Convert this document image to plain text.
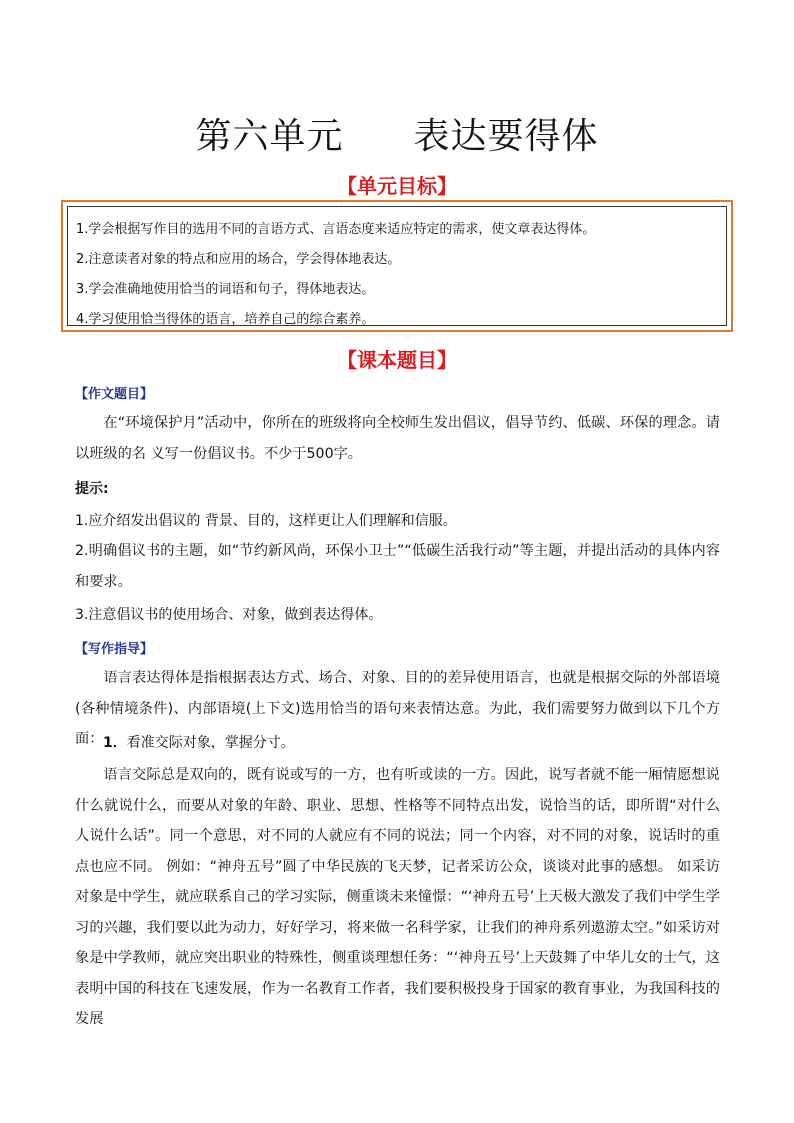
第六单元 表达要得体
【单元目标】
1.学会根据写作目的选用不同的言语方式、言语态度来适应特定的需求，使文章表达得体。
2.注意读者对象的特点和应用的场合，学会得体地表达。
3.学会准确地使用恰当的词语和句子，得体地表达。
4.学习使用恰当得体的语言，培养自己的综合素养。
【课本题目】
【作文题目】
在“环境保护月”活动中，你所在的班级将向全校师生发出倡议，倡导节约、低碳、环保的理念。请以班级的名 义写一份倡议书。不少于500字。
提示:
1.应介绍发出倡议的 背景、目的，这样更让人们理解和信服。
2.明确倡议书的主题，如“节约新风尚，环保小卫士”“低碳生活我行动”等主题，并提出活动的具体内容和要求。
3.注意倡议书的使用场合、对象，做到表达得体。
【写作指导】
语言表达得体是指根据表达方式、场合、对象、目的的差异使用语言，也就是根据交际的外部语境(各种情境条件)、内部语境(上下文)选用恰当的语句来表情达意。为此，我们需要努力做到以下几个方面： 1．看准交际对象，掌握分寸。
语言交际总是双向的，既有说或写的一方，也有听或读的一方。因此，说写者就不能一厢情愿想说什么就说什么，而要从对象的年龄、职业、思想、性格等不同特点出发，说恰当的话，即所谓“对什么人说什么话”。同一个意思，对不同的人就应有不同的说法；同一个内容，对不同的对象，说话时的重点也应不同。 例如：“神舟五号”圆了中华民族的飞天梦，记者采访公众，谈谈对此事的感想。 如采访对象是中学生，就应联系自己的学习实际，侧重谈未来憧憬：“‘神舟五号’上天极大激发了我们中学生学习的兴趣，我们要以此为动力，好好学习，将来做一名科学家，让我们的神舟系列遨游太空。”如采访对象是中学教师，就应突出职业的特殊性，侧重谈理想任务：“‘神舟五号’上天鼓舞了中华儿女的士气，这表明中国的科技在飞速发展，作为一名教育工作者，我们要积极投身于国家的教育事业，为我国科技的发展
